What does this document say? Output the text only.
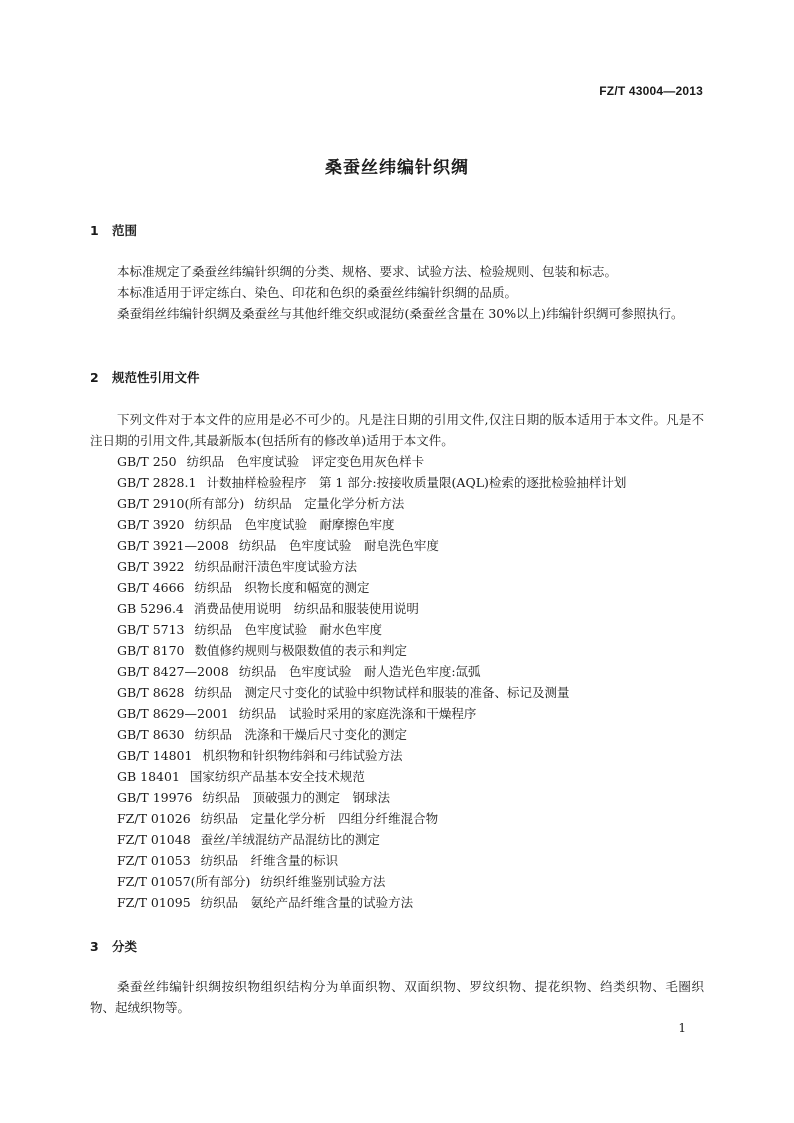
FZ/T 43004—2013
桑蚕丝纬编针织绸
1 范围

本标准规定了桑蚕丝纬编针织绸的分类、规格、要求、试验方法、检验规则、包装和标志。

本标准适用于评定练白、染色、印花和色织的桑蚕丝纬编针织绸的品质。

桑蚕绢丝纬编针织绸及桑蚕丝与其他纤维交织或混纺(桑蚕丝含量在 30%以上)纬编针织绸可参照执行。

2 规范性引用文件

下列文件对于本文件的应用是必不可少的。凡是注日期的引用文件,仅注日期的版本适用于本文件。凡是不注日期的引用文件,其最新版本(包括所有的修改单)适用于本文件。

GB/T 250 纺织品　色牢度试验　评定变色用灰色样卡
GB/T 2828.1 计数抽样检验程序　第 1 部分:按接收质量限(AQL)检索的逐批检验抽样计划
GB/T 2910(所有部分) 纺织品　定量化学分析方法
GB/T 3920 纺织品　色牢度试验　耐摩擦色牢度
GB/T 3921—2008 纺织品　色牢度试验　耐皂洗色牢度
GB/T 3922 纺织品耐汗渍色牢度试验方法
GB/T 4666 纺织品　织物长度和幅宽的测定
GB 5296.4 消费品使用说明　纺织品和服装使用说明
GB/T 5713 纺织品　色牢度试验　耐水色牢度
GB/T 8170 数值修约规则与极限数值的表示和判定
GB/T 8427—2008 纺织品　色牢度试验　耐人造光色牢度:氙弧
GB/T 8628 纺织品　测定尺寸变化的试验中织物试样和服装的准备、标记及测量
GB/T 8629—2001 纺织品　试验时采用的家庭洗涤和干燥程序
GB/T 8630 纺织品　洗涤和干燥后尺寸变化的测定
GB/T 14801 机织物和针织物纬斜和弓纬试验方法
GB 18401 国家纺织产品基本安全技术规范
GB/T 19976 纺织品　顶破强力的测定　钢球法
FZ/T 01026 纺织品　定量化学分析　四组分纤维混合物
FZ/T 01048 蚕丝/羊绒混纺产品混纺比的测定
FZ/T 01053 纺织品　纤维含量的标识
FZ/T 01057(所有部分) 纺织纤维鉴别试验方法
FZ/T 01095 纺织品　氨纶产品纤维含量的试验方法
3 分类

桑蚕丝纬编针织绸按织物组织结构分为单面织物、双面织物、罗纹织物、提花织物、绉类织物、毛圈织物、起绒织物等。

1
